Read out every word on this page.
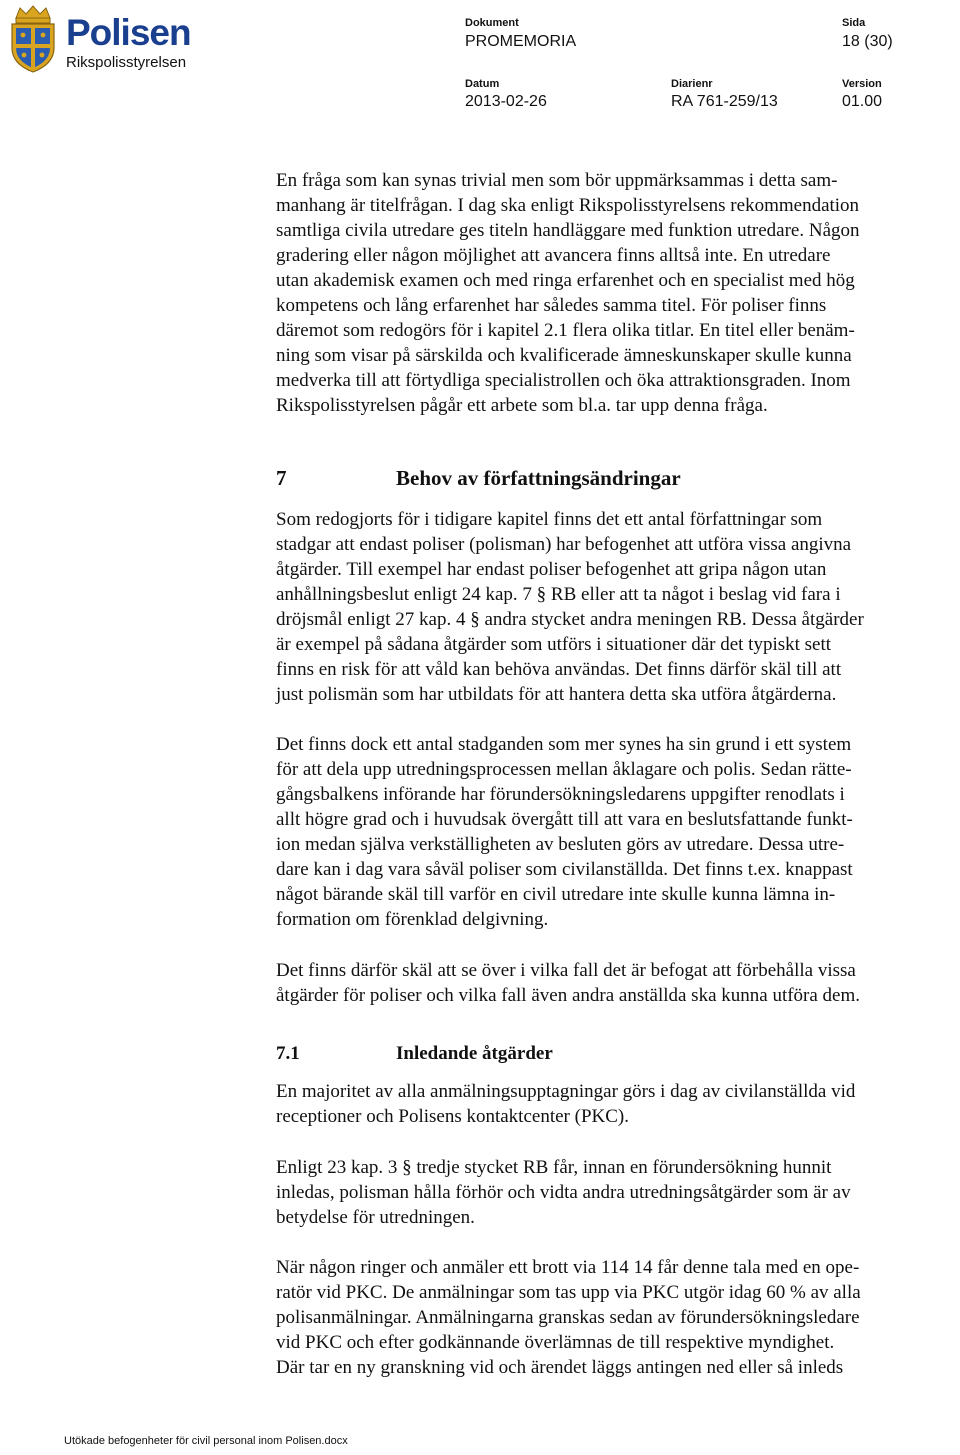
Polisen
Rikspolisstyrelsen
Dokument
PROMEMORIA
Sida
18 (30)
Datum
2013-02-26
Diarienr
RA 761-259/13
Version
01.00

En fråga som kan synas trivial men som bör uppmärksammas i detta sam-
manhang är titelfrågan. I dag ska enligt Rikspolisstyrelsens rekommendation
samtliga civila utredare ges titeln handläggare med funktion utredare. Någon
gradering eller någon möjlighet att avancera finns alltså inte. En utredare
utan akademisk examen och med ringa erfarenhet och en specialist med hög
kompetens och lång erfarenhet har således samma titel. För poliser finns
däremot som redogörs för i kapitel 2.1 flera olika titlar. En titel eller benäm-
ning som visar på särskilda och kvalificerade ämneskunskaper skulle kunna
medverka till att förtydliga specialistrollen och öka attraktionsgraden. Inom
Rikspolisstyrelsen pågår ett arbete som bl.a. tar upp denna fråga.

7	Behov av författningsändringar

Som redogjorts för i tidigare kapitel finns det ett antal författningar som
stadgar att endast poliser (polisman) har befogenhet att utföra vissa angivna
åtgärder. Till exempel har endast poliser befogenhet att gripa någon utan
anhållningsbeslut enligt 24 kap. 7 § RB eller att ta något i beslag vid fara i
dröjsmål enligt 27 kap. 4 § andra stycket andra meningen RB. Dessa åtgärder
är exempel på sådana åtgärder som utförs i situationer där det typiskt sett
finns en risk för att våld kan behöva användas. Det finns därför skäl till att
just polismän som har utbildats för att hantera detta ska utföra åtgärderna.

Det finns dock ett antal stadganden som mer synes ha sin grund i ett system
för att dela upp utredningsprocessen mellan åklagare och polis. Sedan rätte-
gångsbalkens införande har förundersökningsledarens uppgifter renodlats i
allt högre grad och i huvudsak övergått till att vara en beslutsfattande funkt-
ion medan själva verkställigheten av besluten görs av utredare. Dessa utre-
dare kan i dag vara såväl poliser som civilanställda. Det finns t.ex. knappast
något bärande skäl till varför en civil utredare inte skulle kunna lämna in-
formation om förenklad delgivning.

Det finns därför skäl att se över i vilka fall det är befogat att förbehålla vissa
åtgärder för poliser och vilka fall även andra anställda ska kunna utföra dem.

7.1	Inledande åtgärder

En majoritet av alla anmälningsupptagningar görs i dag av civilanställda vid
receptioner och Polisens kontaktcenter (PKC).

Enligt 23 kap. 3 § tredje stycket RB får, innan en förundersökning hunnit
inledas, polisman hålla förhör och vidta andra utredningsåtgärder som är av
betydelse för utredningen.

När någon ringer och anmäler ett brott via 114 14 får denne tala med en ope-
ratör vid PKC. De anmälningar som tas upp via PKC utgör idag 60 % av alla
polisanmälningar. Anmälningarna granskas sedan av förundersökningsledare
vid PKC och efter godkännande överlämnas de till respektive myndighet.
Där tar en ny granskning vid och ärendet läggs antingen ned eller så inleds

Utökade befogenheter för civil personal inom Polisen.docx
